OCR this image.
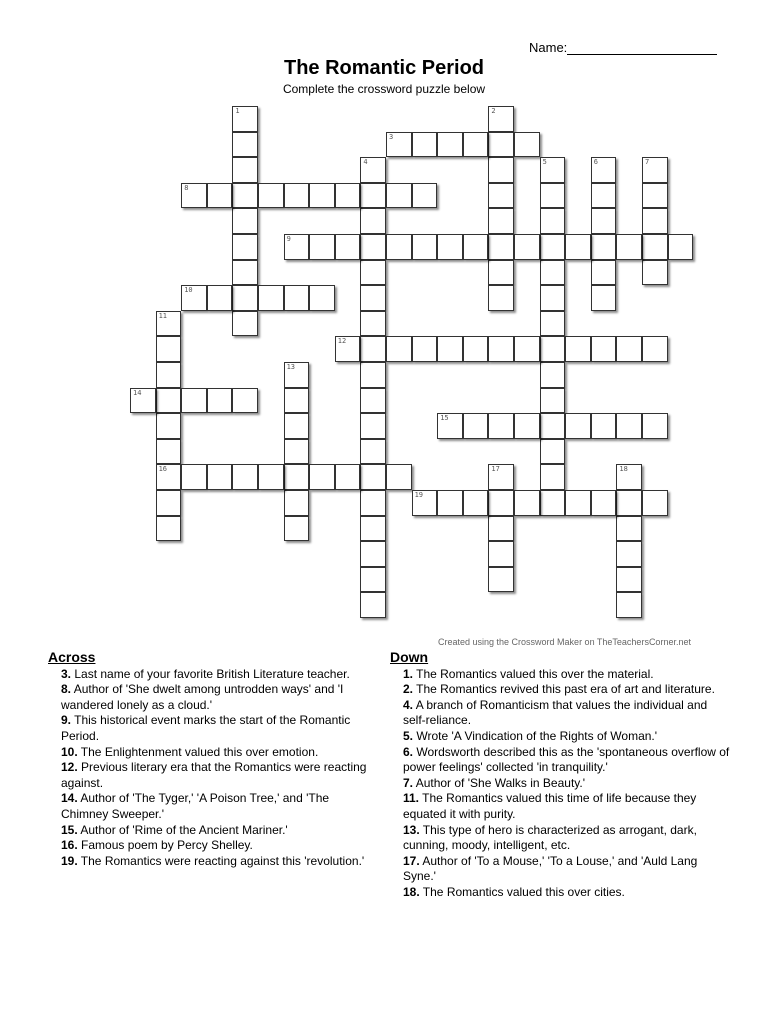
Name:
The Romantic Period
Complete the crossword puzzle below
1	2
3
4	5	6	7
8
9
10
11
16
12
13
14
15
17	18
19
Created using the Crossword Maker on TheTeachersCorner.net
Across
3. Last name of your favorite British Literature teacher.
8. Author of 'She dwelt among untrodden ways' and 'I wandered lonely as a cloud.'
9. This historical event marks the start of the Romantic Period.
10. The Enlightenment valued this over emotion.
12. Previous literary era that the Romantics were reacting against.
14. Author of 'The Tyger,' 'A Poison Tree,' and 'The Chimney Sweeper.'
15. Author of 'Rime of the Ancient Mariner.'
16. Famous poem by Percy Shelley.
19. The Romantics were reacting against this 'revolution.'
Down
1. The Romantics valued this over the material.
2. The Romantics revived this past era of art and literature.
4. A branch of Romanticism that values the individual and self-reliance.
5. Wrote 'A Vindication of the Rights of Woman.'
6. Wordsworth described this as the 'spontaneous overflow of power feelings' collected 'in tranquility.'
7. Author of 'She Walks in Beauty.'
11. The Romantics valued this time of life because they equated it with purity.
13. This type of hero is characterized as arrogant, dark, cunning, moody, intelligent, etc.
17. Author of 'To a Mouse,' 'To a Louse,' and 'Auld Lang Syne.'
18. The Romantics valued this over cities.
